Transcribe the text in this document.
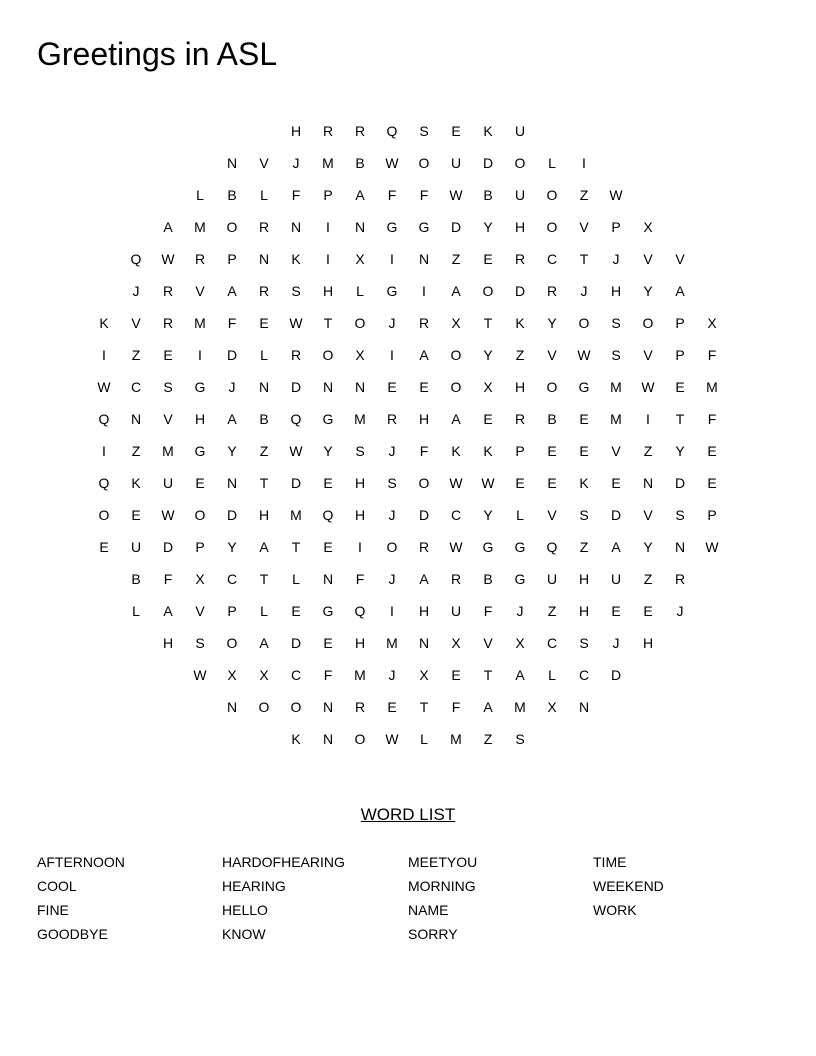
Greetings in ASL
H	R	R	Q	S	E	K	U
N	V	J	M	B	W	O	U	D	O	L	I
L	B	L	F	P	A	F	F	W	B	U	O	Z	W
A	M	O	R	N	I	N	G	G	D	Y	H	O	V	P	X
Q	W	R	P	N	K	I	X	I	N	Z	E	R	C	T	J	V	V
J	R	V	A	R	S	H	L	G	I	A	O	D	R	J	H	Y	A
K	V	R	M	F	E	W	T	O	J	R	X	T	K	Y	O	S	O	P	X
I	Z	E	I	D	L	R	O	X	I	A	O	Y	Z	V	W	S	V	P	F
W	C	S	G	J	N	D	N	N	E	E	O	X	H	O	G	M	W	E	M
Q	N	V	H	A	B	Q	G	M	R	H	A	E	R	B	E	M	I	T	F
I	Z	M	G	Y	Z	W	Y	S	J	F	K	K	P	E	E	V	Z	Y	E
Q	K	U	E	N	T	D	E	H	S	O	W	W	E	E	K	E	N	D	E
O	E	W	O	D	H	M	Q	H	J	D	C	Y	L	V	S	D	V	S	P
E	U	D	P	Y	A	T	E	I	O	R	W	G	G	Q	Z	A	Y	N	W
B	F	X	C	T	L	N	F	J	A	R	B	G	U	H	U	Z	R
L	A	V	P	L	E	G	Q	I	H	U	F	J	Z	H	E	E	J
H	S	O	A	D	E	H	M	N	X	V	X	C	S	J	H
W	X	X	C	F	M	J	X	E	T	A	L	C	D
N	O	O	N	R	E	T	F	A	M	X	N
K	N	O	W	L	M	Z	S
WORD LIST
AFTERNOON
COOL
FINE
GOODBYE
HARDOFHEARING
HEARING
HELLO
KNOW
MEETYOU
MORNING
NAME
SORRY
TIME
WEEKEND
WORK
